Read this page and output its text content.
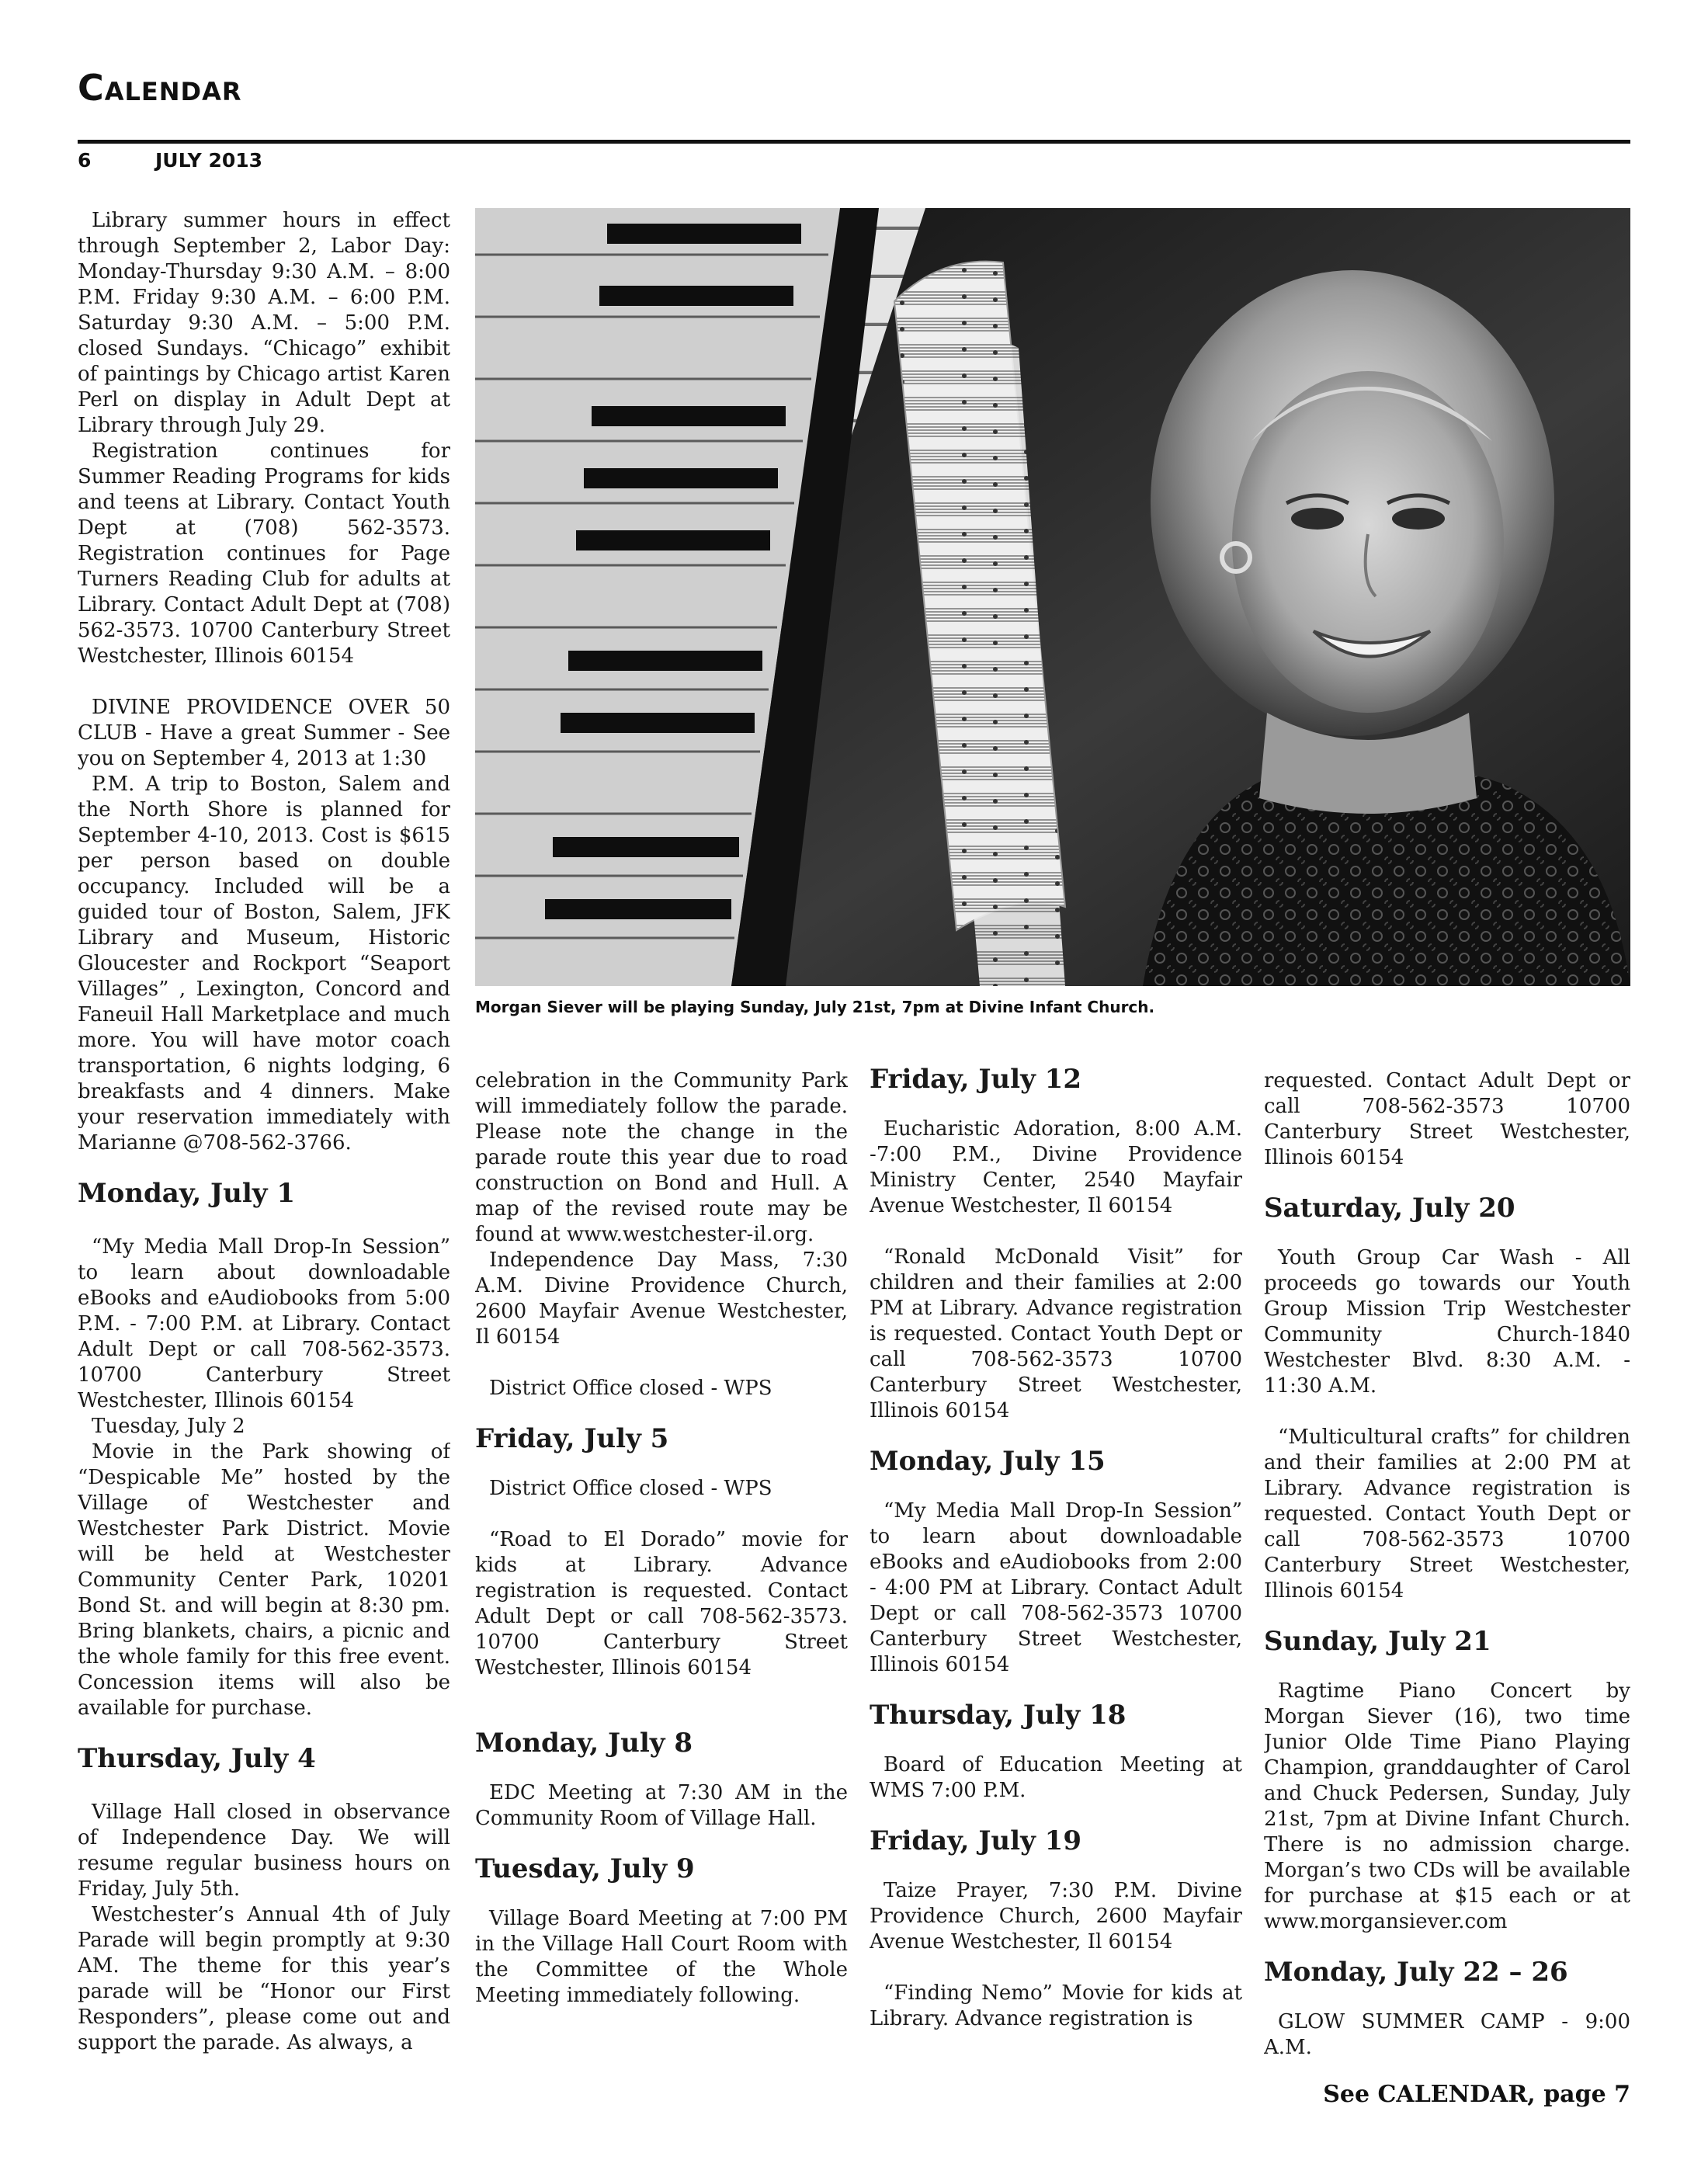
Calendar
6	JULY 2013

Library summer hours in effect through September 2, Labor Day: Monday-Thursday 9:30 A.M. – 8:00 P.M. Friday 9:30 A.M. – 6:00 P.M. Saturday 9:30 A.M. – 5:00 P.M. closed Sundays. “Chicago” exhibit of paintings by Chicago artist Karen Perl on display in Adult Dept at Library through July 29.

Registration continues for Summer Reading Programs for kids and teens at Library. Contact Youth Dept at (708) 562-3573. Registration continues for Page Turners Reading Club for adults at Library. Contact Adult Dept at (708) 562-3573. 10700 Canterbury Street Westchester, Illinois 60154

DIVINE PROVIDENCE OVER 50 CLUB - Have a great Summer - See you on September 4, 2013 at 1:30

P.M. A trip to Boston, Salem and the North Shore is planned for September 4-10, 2013. Cost is $615 per person based on double occupancy. Included will be a guided tour of Boston, Salem, JFK Library and Museum, Historic Gloucester and Rockport “Seaport Villages” , Lexington, Concord and Faneuil Hall Marketplace and much more. You will have motor coach transportation, 6 nights lodging, 6 breakfasts and 4 dinners. Make your reservation immediately with Marianne @708-562-3766.

Monday, July 1

“My Media Mall Drop-In Session” to learn about downloadable eBooks and eAudiobooks from 5:00 P.M. - 7:00 P.M. at Library. Contact Adult Dept or call 708-562-3573. 10700 Canterbury Street Westchester, Illinois 60154

Tuesday, July 2

Movie in the Park showing of “Despicable Me” hosted by the Village of Westchester and Westchester Park District. Movie will be held at Westchester Community Center Park, 10201 Bond St. and will begin at 8:30 pm. Bring blankets, chairs, a picnic and the whole family for this free event. Concession items will also be available for purchase.

Thursday, July 4

Village Hall closed in observance of Independence Day. We will resume regular business hours on Friday, July 5th.

Westchester’s Annual 4th of July Parade will begin promptly at 9:30 AM. The theme for this year’s parade will be “Honor our First Responders”, please come out and support the parade. As always, a

Morgan Siever will be playing Sunday, July 21st, 7pm at Divine Infant Church.

celebration in the Community Park will immediately follow the parade. Please note the change in the parade route this year due to road construction on Bond and Hull. A map of the revised route may be found at www.westchester-il.org.

Independence Day Mass, 7:30 A.M. Divine Providence Church, 2600 Mayfair Avenue Westchester, Il 60154

District Office closed - WPS

Friday, July 5

District Office closed - WPS

“Road to El Dorado” movie for kids at Library. Advance registration is requested. Contact Adult Dept or call 708-562-3573. 10700 Canterbury Street Westchester, Illinois 60154

Monday, July 8

EDC Meeting at 7:30 AM in the Community Room of Village Hall.

Tuesday, July 9

Village Board Meeting at 7:00 PM in the Village Hall Court Room with the Committee of the Whole Meeting immediately following.

Friday, July 12

Eucharistic Adoration, 8:00 A.M. -7:00 P.M., Divine Providence Ministry Center, 2540 Mayfair Avenue Westchester, Il 60154

“Ronald McDonald Visit” for children and their families at 2:00 PM at Library. Advance registration is requested. Contact Youth Dept or call 708-562-3573 10700 Canterbury Street Westchester, Illinois 60154

Monday, July 15

“My Media Mall Drop-In Session” to learn about downloadable eBooks and eAudiobooks from 2:00 - 4:00 PM at Library. Contact Adult Dept or call 708-562-3573 10700 Canterbury Street Westchester, Illinois 60154

Thursday, July 18

Board of Education Meeting at WMS 7:00 P.M.

Friday, July 19

Taize Prayer, 7:30 P.M. Divine Providence Church, 2600 Mayfair Avenue Westchester, Il 60154

“Finding Nemo” Movie for kids at Library. Advance registration is

requested. Contact Adult Dept or call 708-562-3573 10700 Canterbury Street Westchester, Illinois 60154

Saturday, July 20

Youth Group Car Wash - All proceeds go towards our Youth Group Mission Trip Westchester Community Church-1840 Westchester Blvd. 8:30 A.M. - 11:30 A.M.

“Multicultural crafts” for children and their families at 2:00 PM at Library. Advance registration is requested. Contact Youth Dept or call 708-562-3573 10700 Canterbury Street Westchester, Illinois 60154

Sunday, July 21

Ragtime Piano Concert by Morgan Siever (16), two time Junior Olde Time Piano Playing Champion, granddaughter of Carol and Chuck Pedersen, Sunday, July 21st, 7pm at Divine Infant Church. There is no admission charge. Morgan’s two CDs will be available for purchase at $15 each or at www.morgansiever.com

Monday, July 22 – 26

GLOW SUMMER CAMP - 9:00 A.M.

See CALENDAR, page 7
